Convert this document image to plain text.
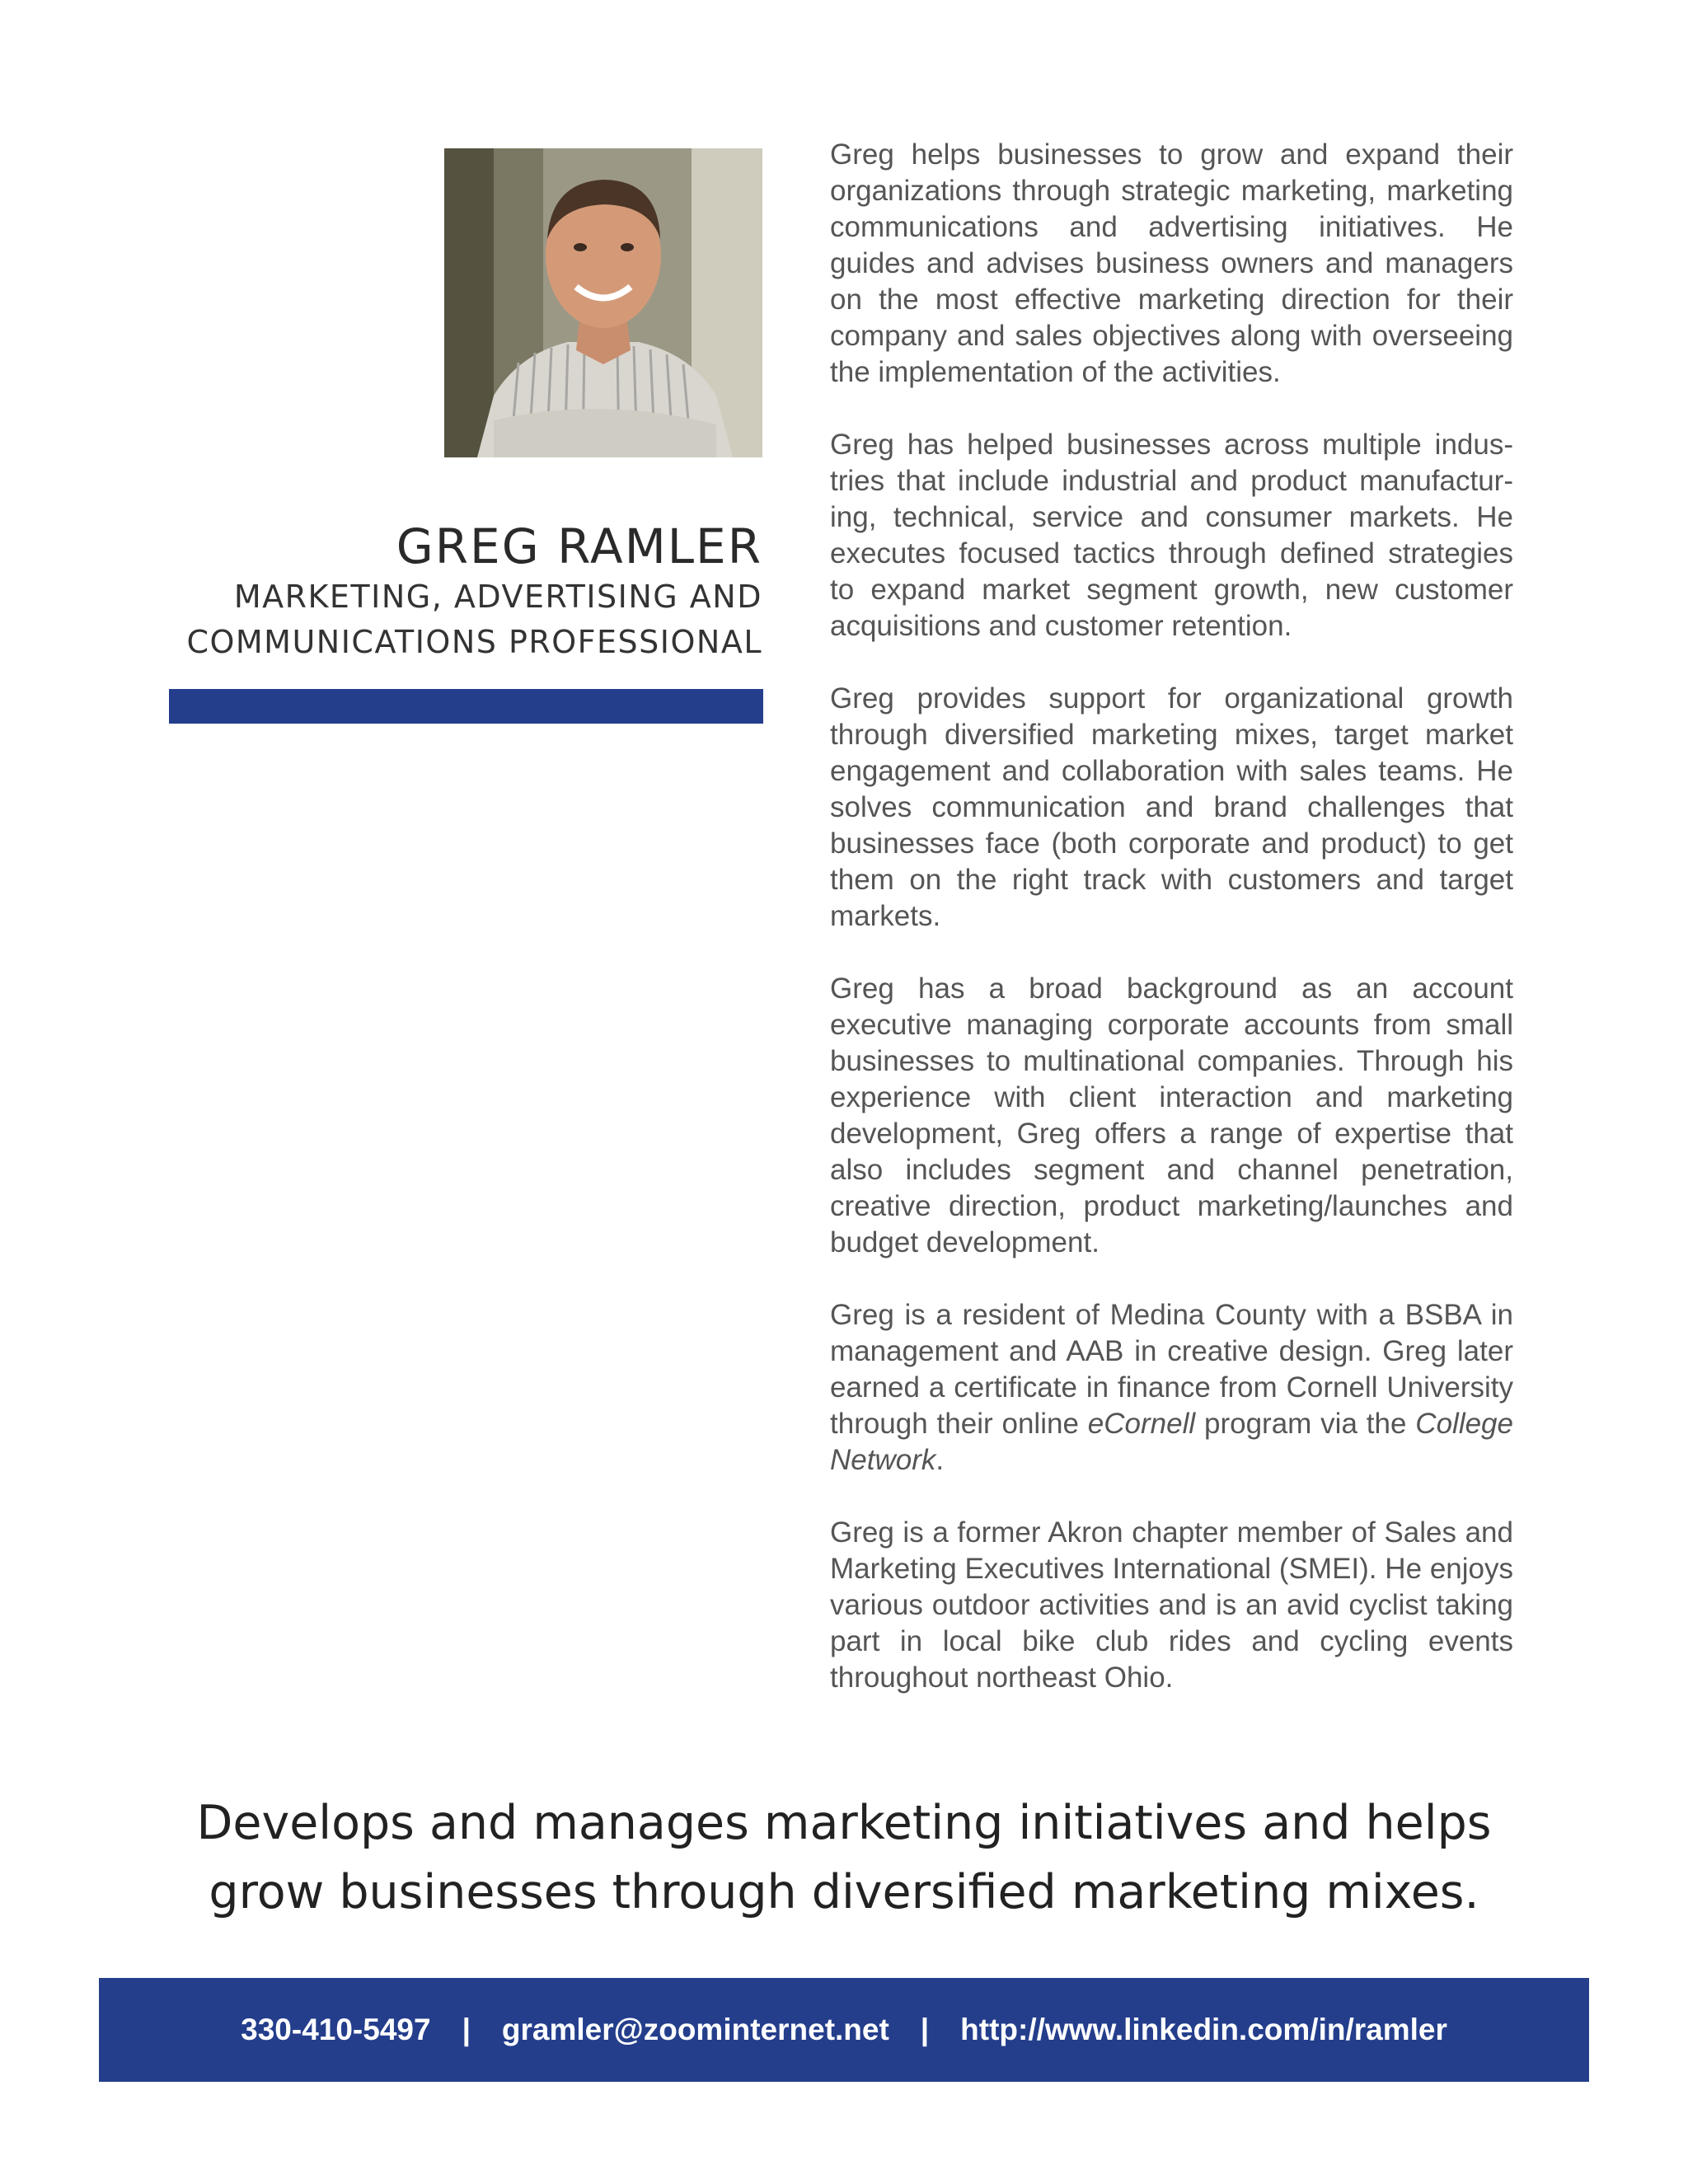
GREG RAMLER
MARKETING, ADVERTISING AND
COMMUNICATIONS PROFESSIONAL

Greg helps businesses to grow and expand their organizations through strategic marketing, marketing communications and advertising initiatives. He guides and advises business owners and managers on the most effective marketing direction for their company and sales objectives along with overseeing the implementation of the activities.

Greg has helped businesses across multiple industries that include industrial and product manufacturing, technical, service and consumer markets. He executes focused tactics through defined strategies to expand market segment growth, new customer acquisitions and customer retention.

Greg provides support for organizational growth through diversified marketing mixes, target market engagement and collaboration with sales teams. He solves communication and brand challenges that businesses face (both corporate and product) to get them on the right track with customers and target markets.

Greg has a broad background as an account executive managing corporate accounts from small businesses to multinational companies. Through his experience with client interaction and marketing development, Greg offers a range of expertise that also includes segment and channel penetration, creative direction, product marketing/launches and budget development.

Greg is a resident of Medina County with a BSBA in management and AAB in creative design. Greg later earned a certificate in finance from Cornell University through their online eCornell program via the College Network.

Greg is a former Akron chapter member of Sales and Marketing Executives International (SMEI). He enjoys various outdoor activities and is an avid cyclist taking part in local bike club rides and cycling events throughout northeast Ohio.

Develops and manages marketing initiatives and helps
grow businesses through diversified marketing mixes.
330-410-5497 | gramler@zoominternet.net | http://www.linkedin.com/in/ramler
